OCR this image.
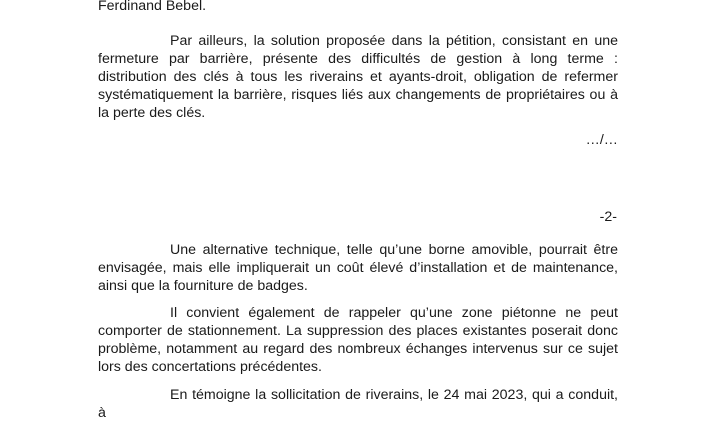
Ferdinand Bebel.

Par ailleurs, la solution proposée dans la pétition, consistant en une fermeture par barrière, présente des difficultés de gestion à long terme : distribution des clés à tous les riverains et ayants-droit, obligation de refermer systématiquement la barrière, risques liés aux changements de propriétaires ou à la perte des clés.

…/…

-2-

Une alternative technique, telle qu’une borne amovible, pourrait être envisagée, mais elle impliquerait un coût élevé d’installation et de maintenance, ainsi que la fourniture de badges.

Il convient également de rappeler qu’une zone piétonne ne peut comporter de stationnement. La suppression des places existantes poserait donc problème, notamment au regard des nombreux échanges intervenus sur ce sujet lors des concertations précédentes.

En témoigne la sollicitation de riverains, le 24 mai 2023, qui a conduit, à
